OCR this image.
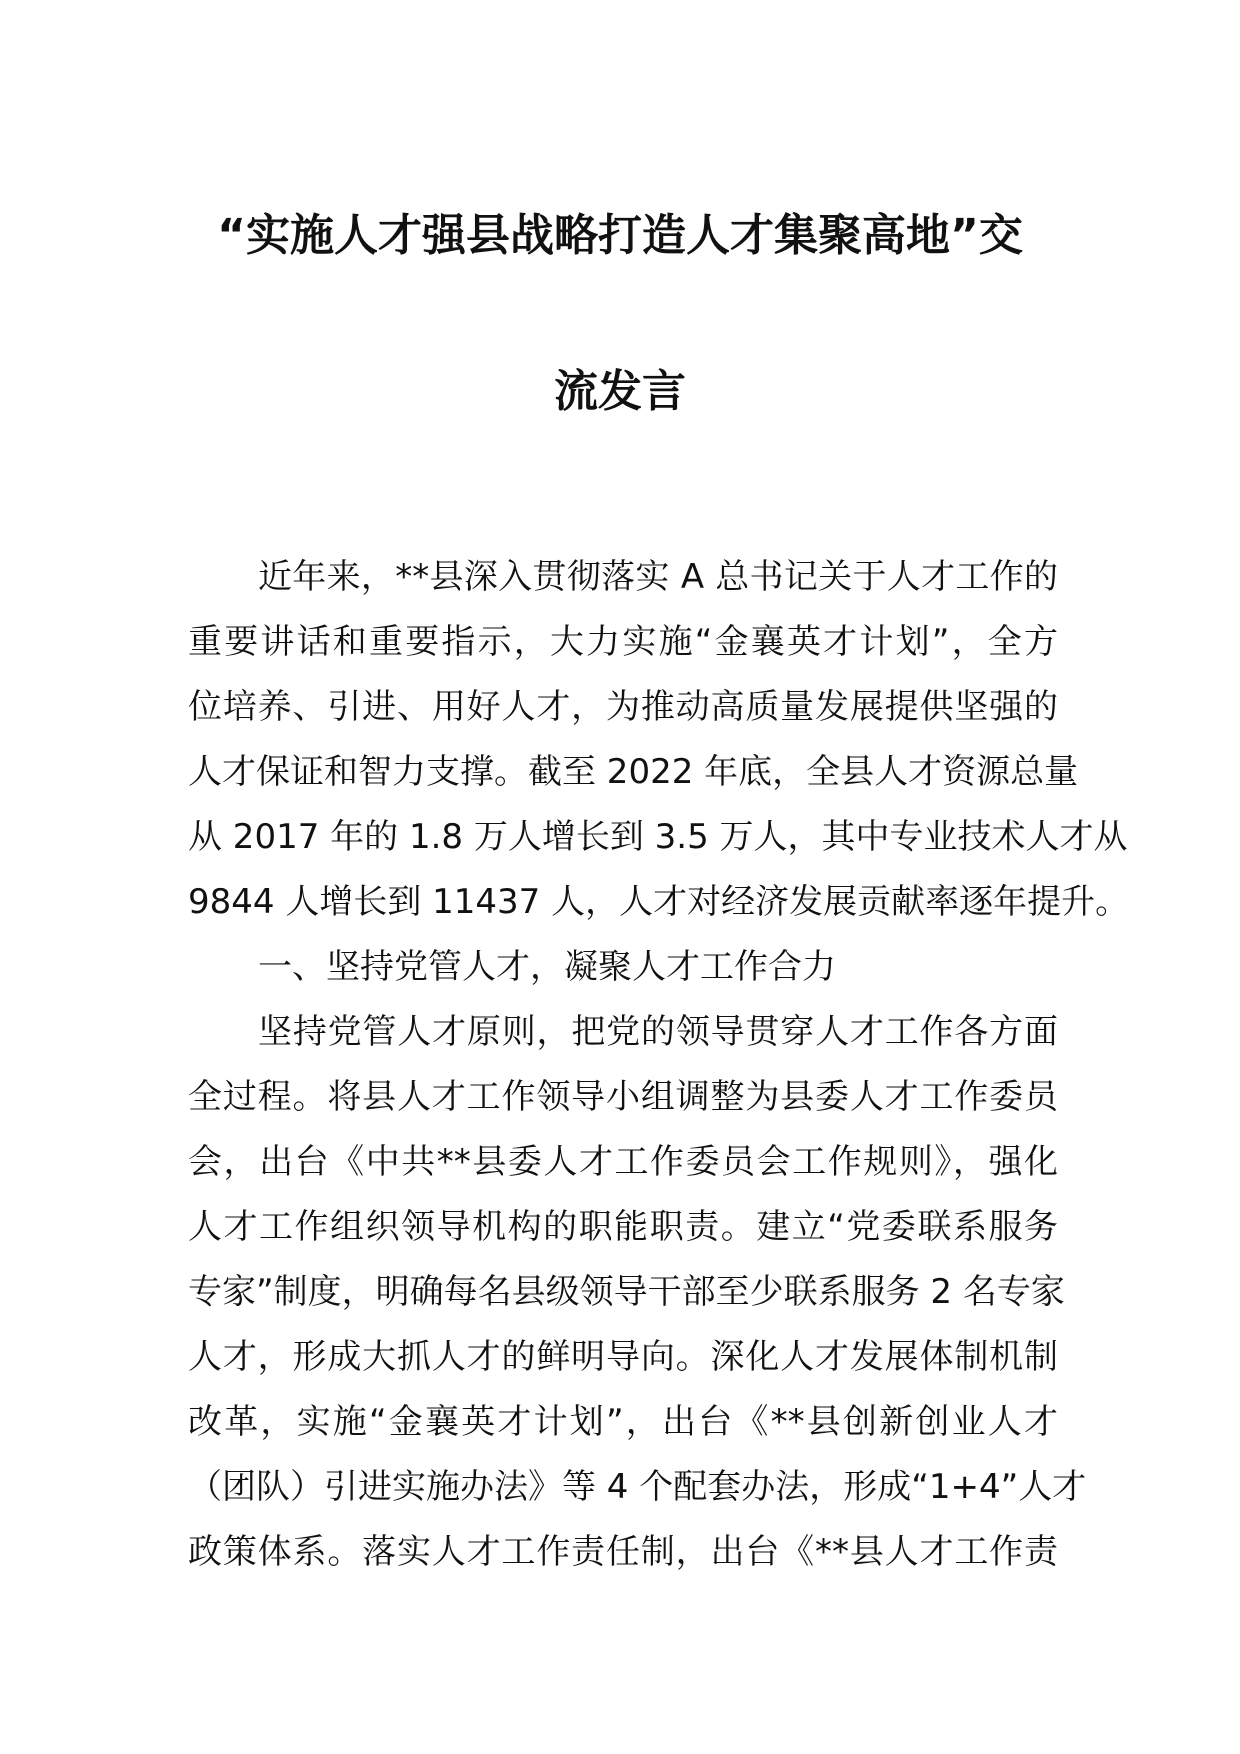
“实施人才强县战略打造人才集聚高地”交
流发言
近年来，**县深入贯彻落实 A 总书记关于人才工作的
重要讲话和重要指示，大力实施“金襄英才计划”，全方
位培养、引进、用好人才，为推动高质量发展提供坚强的
人才保证和智力支撑。截至 2022 年底，全县人才资源总量
从 2017 年的 1.8 万人增长到 3.5 万人，其中专业技术人才从
9844 人增长到 11437 人，人才对经济发展贡献率逐年提升。
一、坚持党管人才，凝聚人才工作合力
坚持党管人才原则，把党的领导贯穿人才工作各方面
全过程。将县人才工作领导小组调整为县委人才工作委员
会，出台《中共**县委人才工作委员会工作规则》，强化
人才工作组织领导机构的职能职责。建立“党委联系服务
专家”制度，明确每名县级领导干部至少联系服务 2 名专家
人才，形成大抓人才的鲜明导向。深化人才发展体制机制
改革，实施“金襄英才计划”，出台《**县创新创业人才
（团队）引进实施办法》等 4 个配套办法，形成“1+4”人才
政策体系。落实人才工作责任制，出台《**县人才工作责
